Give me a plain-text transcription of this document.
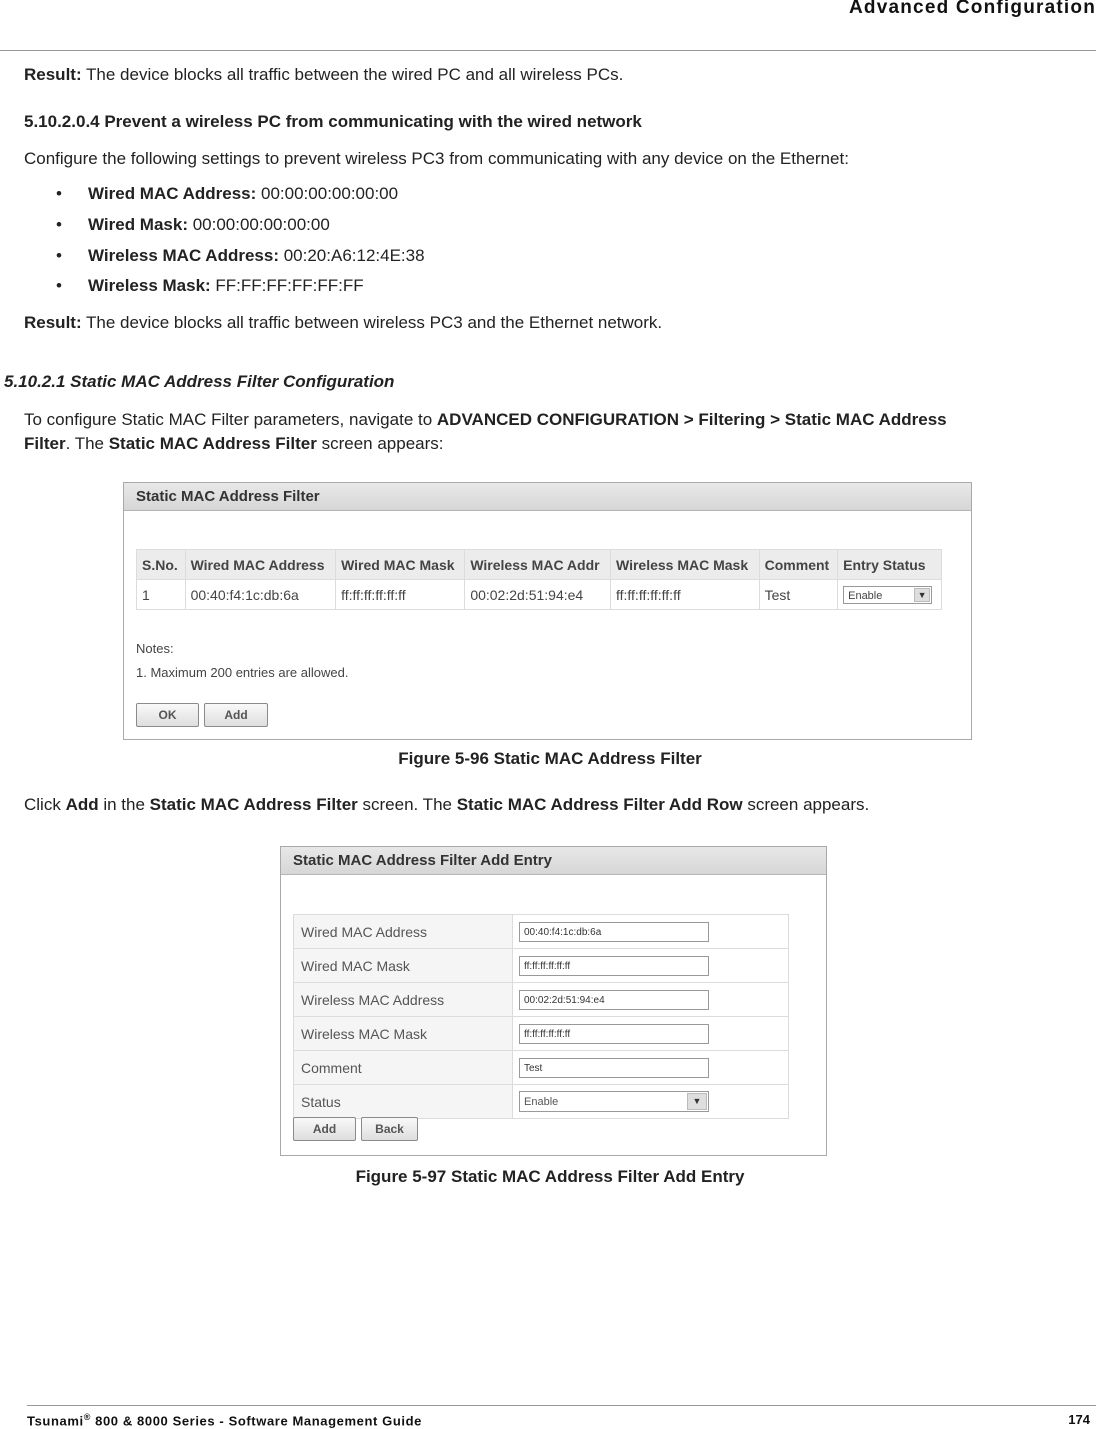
Advanced Configuration
Result: The device blocks all traffic between the wired PC and all wireless PCs.
5.10.2.0.4 Prevent a wireless PC from communicating with the wired network
Configure the following settings to prevent wireless PC3 from communicating with any device on the Ethernet:
• Wired MAC Address: 00:00:00:00:00:00
• Wired Mask: 00:00:00:00:00:00
• Wireless MAC Address: 00:20:A6:12:4E:38
• Wireless Mask: FF:FF:FF:FF:FF:FF
Result: The device blocks all traffic between wireless PC3 and the Ethernet network.
5.10.2.1 Static MAC Address Filter Configuration
To configure Static MAC Filter parameters, navigate to ADVANCED CONFIGURATION > Filtering > Static MAC Address
Filter. The Static MAC Address Filter screen appears:
Static MAC Address Filter
S.No.	Wired MAC Address	Wired MAC Mask	Wireless MAC Addr	Wireless MAC Mask	Comment	Entry Status
1	00:40:f4:1c:db:6a	ff:ff:ff:ff:ff:ff	00:02:2d:51:94:e4	ff:ff:ff:ff:ff:ff	Test	Enable ▼
Notes:
1. Maximum 200 entries are allowed.
OK	Add
Figure 5-96 Static MAC Address Filter
Click Add in the Static MAC Address Filter screen. The Static MAC Address Filter Add Row screen appears.
Static MAC Address Filter Add Entry
Wired MAC Address	00:40:f4:1c:db:6a
Wired MAC Mask	ff:ff:ff:ff:ff:ff
Wireless MAC Address	00:02:2d:51:94:e4
Wireless MAC Mask	ff:ff:ff:ff:ff:ff
Comment	Test
Status	Enable ▼
Add	Back
Figure 5-97 Static MAC Address Filter Add Entry
Tsunami® 800 & 8000 Series - Software Management Guide	174
